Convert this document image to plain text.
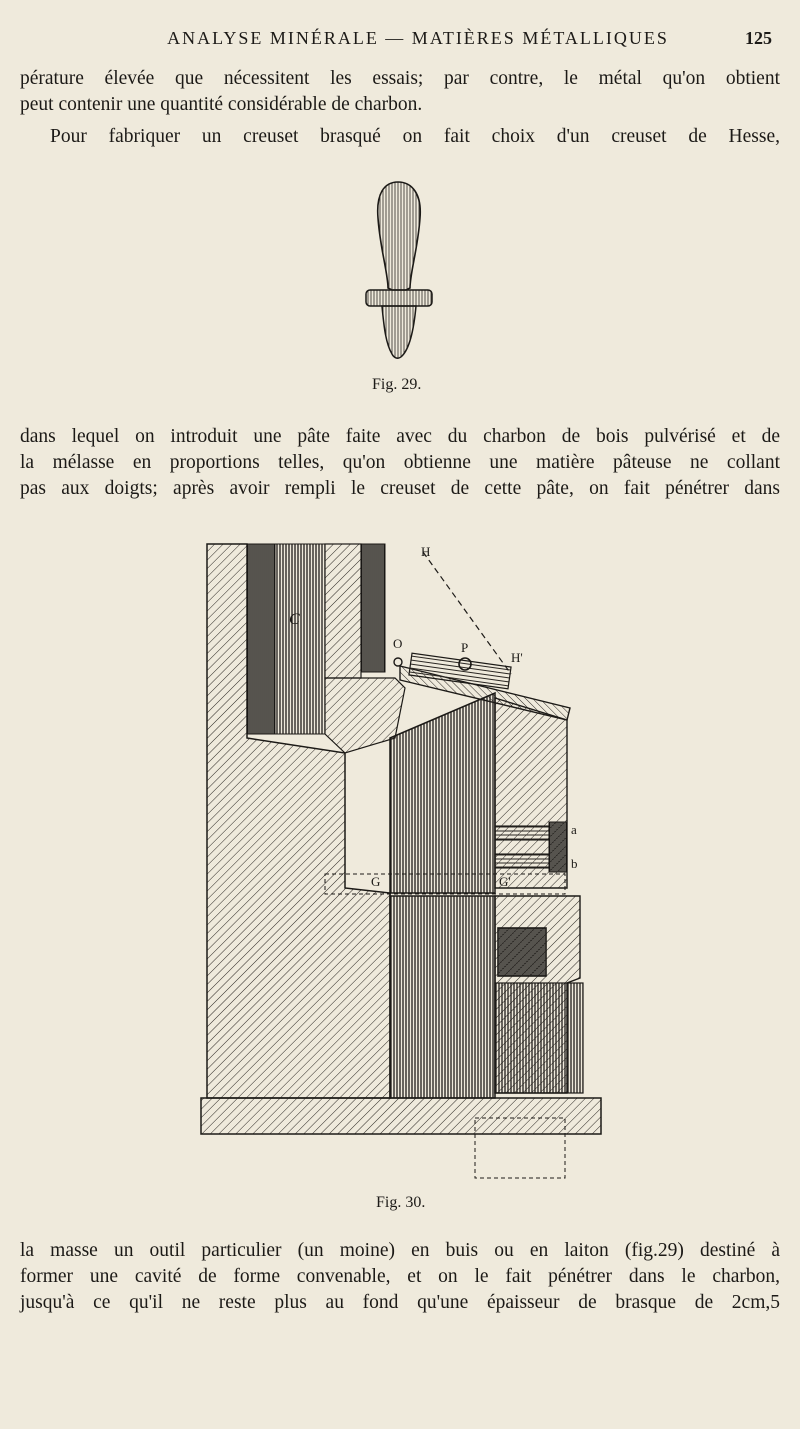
ANALYSE MINÉRALE — MATIÈRES MÉTALLIQUES	125
pérature élevée que nécessitent les essais; par contre, le métal qu'on obtient
peut contenir une quantité considérable de charbon.
Pour fabriquer un creuset brasqué on fait choix d'un creuset de Hesse,
Fig. 29.
dans lequel on introduit une pâte faite avec du charbon de bois pulvérisé et de
la mélasse en proportions telles, qu'on obtienne une matière pâteuse ne collant
pas aux doigts; après avoir rempli le creuset de cette pâte, on fait pénétrer dans
H
H'
O	P
C
a
b
G	G'
Fig. 30.
la masse un outil particulier (un moine) en buis ou en laiton (fig.29) destiné à
former une cavité de forme convenable, et on le fait pénétrer dans le charbon,
jusqu'à ce qu'il ne reste plus au fond qu'une épaisseur de brasque de 2cm,5
